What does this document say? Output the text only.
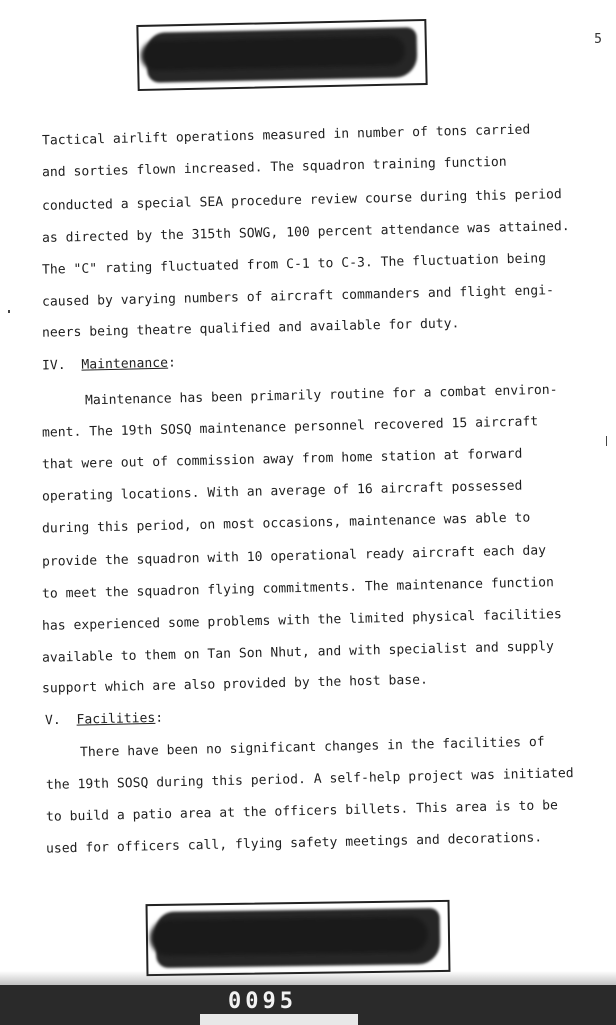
5
Tactical airlift operations measured in number of tons carried
and sorties flown increased. The squadron training function
conducted a special SEA procedure review course during this period
as directed by the 315th SOWG, 100 percent attendance was attained.
The "C" rating fluctuated from C-1 to C-3. The fluctuation being
caused by varying numbers of aircraft commanders and flight engi-
neers being theatre qualified and available for duty.
IV. Maintenance:
Maintenance has been primarily routine for a combat environ-
ment. The 19th SOSQ maintenance personnel recovered 15 aircraft
that were out of commission away from home station at forward
operating locations. With an average of 16 aircraft possessed
during this period, on most occasions, maintenance was able to
provide the squadron with 10 operational ready aircraft each day
to meet the squadron flying commitments. The maintenance function
has experienced some problems with the limited physical facilities
available to them on Tan Son Nhut, and with specialist and supply
support which are also provided by the host base.
V. Facilities:
There have been no significant changes in the facilities of
the 19th SOSQ during this period. A self-help project was initiated
to build a patio area at the officers billets. This area is to be
used for officers call, flying safety meetings and decorations.
0095
